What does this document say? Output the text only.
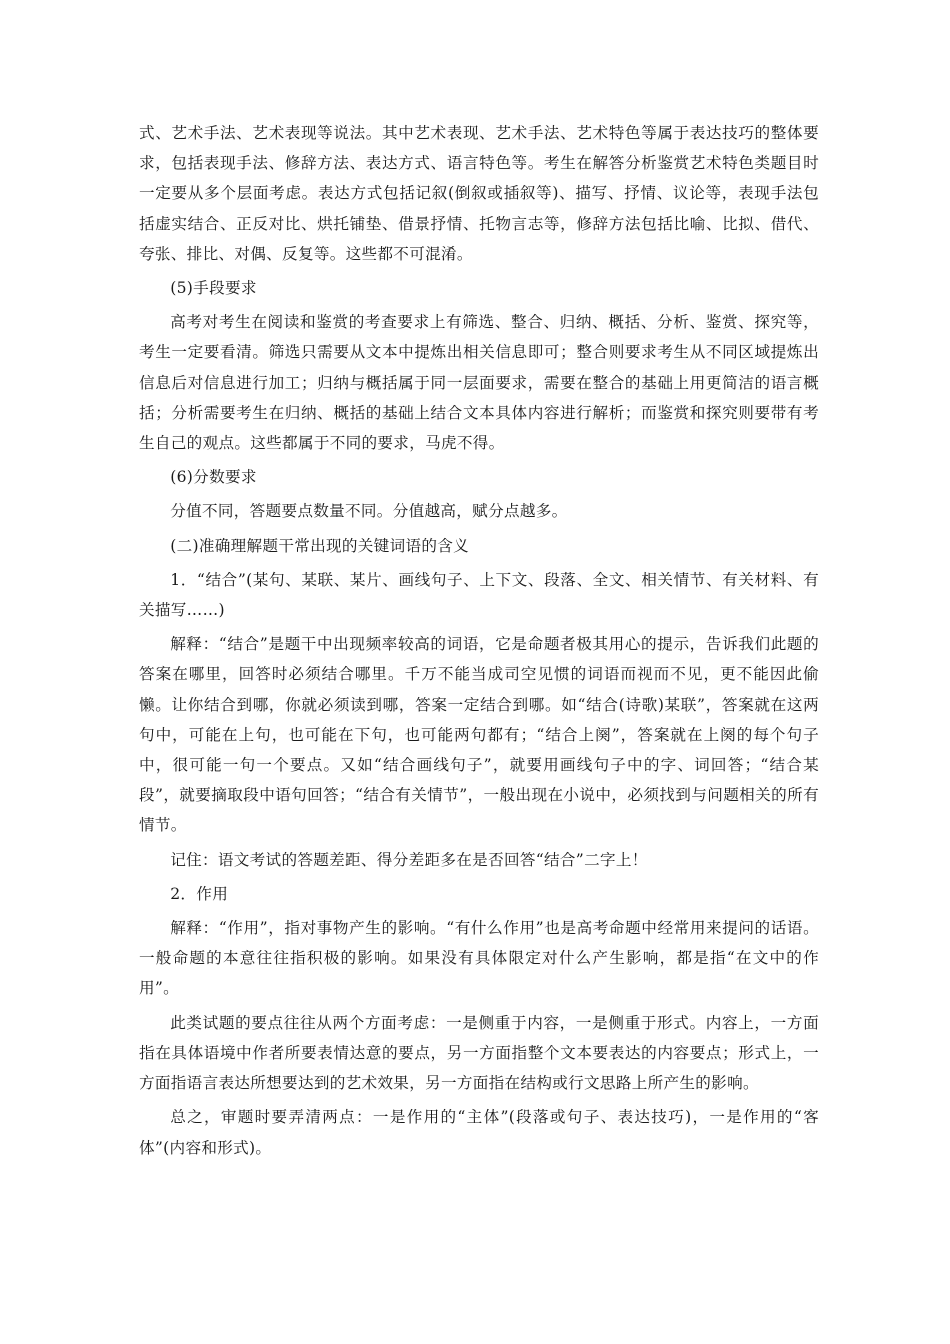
式、艺术手法、艺术表现等说法。其中艺术表现、艺术手法、艺术特色等属于表达技巧的整体要求，包括表现手法、修辞方法、表达方式、语言特色等。考生在解答分析鉴赏艺术特色类题目时一定要从多个层面考虑。表达方式包括记叙(倒叙或插叙等)、描写、抒情、议论等，表现手法包括虚实结合、正反对比、烘托铺垫、借景抒情、托物言志等，修辞方法包括比喻、比拟、借代、夸张、排比、对偶、反复等。这些都不可混淆。

(5)手段要求

高考对考生在阅读和鉴赏的考查要求上有筛选、整合、归纳、概括、分析、鉴赏、探究等，考生一定要看清。筛选只需要从文本中提炼出相关信息即可；整合则要求考生从不同区域提炼出信息后对信息进行加工；归纳与概括属于同一层面要求，需要在整合的基础上用更简洁的语言概括；分析需要考生在归纳、概括的基础上结合文本具体内容进行解析；而鉴赏和探究则要带有考生自己的观点。这些都属于不同的要求，马虎不得。

(6)分数要求

分值不同，答题要点数量不同。分值越高，赋分点越多。

(二)准确理解题干常出现的关键词语的含义

1．“结合”(某句、某联、某片、画线句子、上下文、段落、全文、相关情节、有关材料、有关描写……)

解释：“结合”是题干中出现频率较高的词语，它是命题者极其用心的提示，告诉我们此题的答案在哪里，回答时必须结合哪里。千万不能当成司空见惯的词语而视而不见，更不能因此偷懒。让你结合到哪，你就必须读到哪，答案一定结合到哪。如“结合(诗歌)某联”，答案就在这两句中，可能在上句，也可能在下句，也可能两句都有；“结合上阕”，答案就在上阕的每个句子中，很可能一句一个要点。又如“结合画线句子”，就要用画线句子中的字、词回答；“结合某段”，就要摘取段中语句回答；“结合有关情节”，一般出现在小说中，必须找到与问题相关的所有情节。

记住：语文考试的答题差距、得分差距多在是否回答“结合”二字上！

2．作用

解释：“作用”，指对事物产生的影响。“有什么作用”也是高考命题中经常用来提问的话语。一般命题的本意往往指积极的影响。如果没有具体限定对什么产生影响，都是指“在文中的作用”。

此类试题的要点往往从两个方面考虑：一是侧重于内容，一是侧重于形式。内容上，一方面指在具体语境中作者所要表情达意的要点，另一方面指整个文本要表达的内容要点；形式上，一方面指语言表达所想要达到的艺术效果，另一方面指在结构或行文思路上所产生的影响。

总之，审题时要弄清两点：一是作用的“主体”(段落或句子、表达技巧)，一是作用的“客体”(内容和形式)。
